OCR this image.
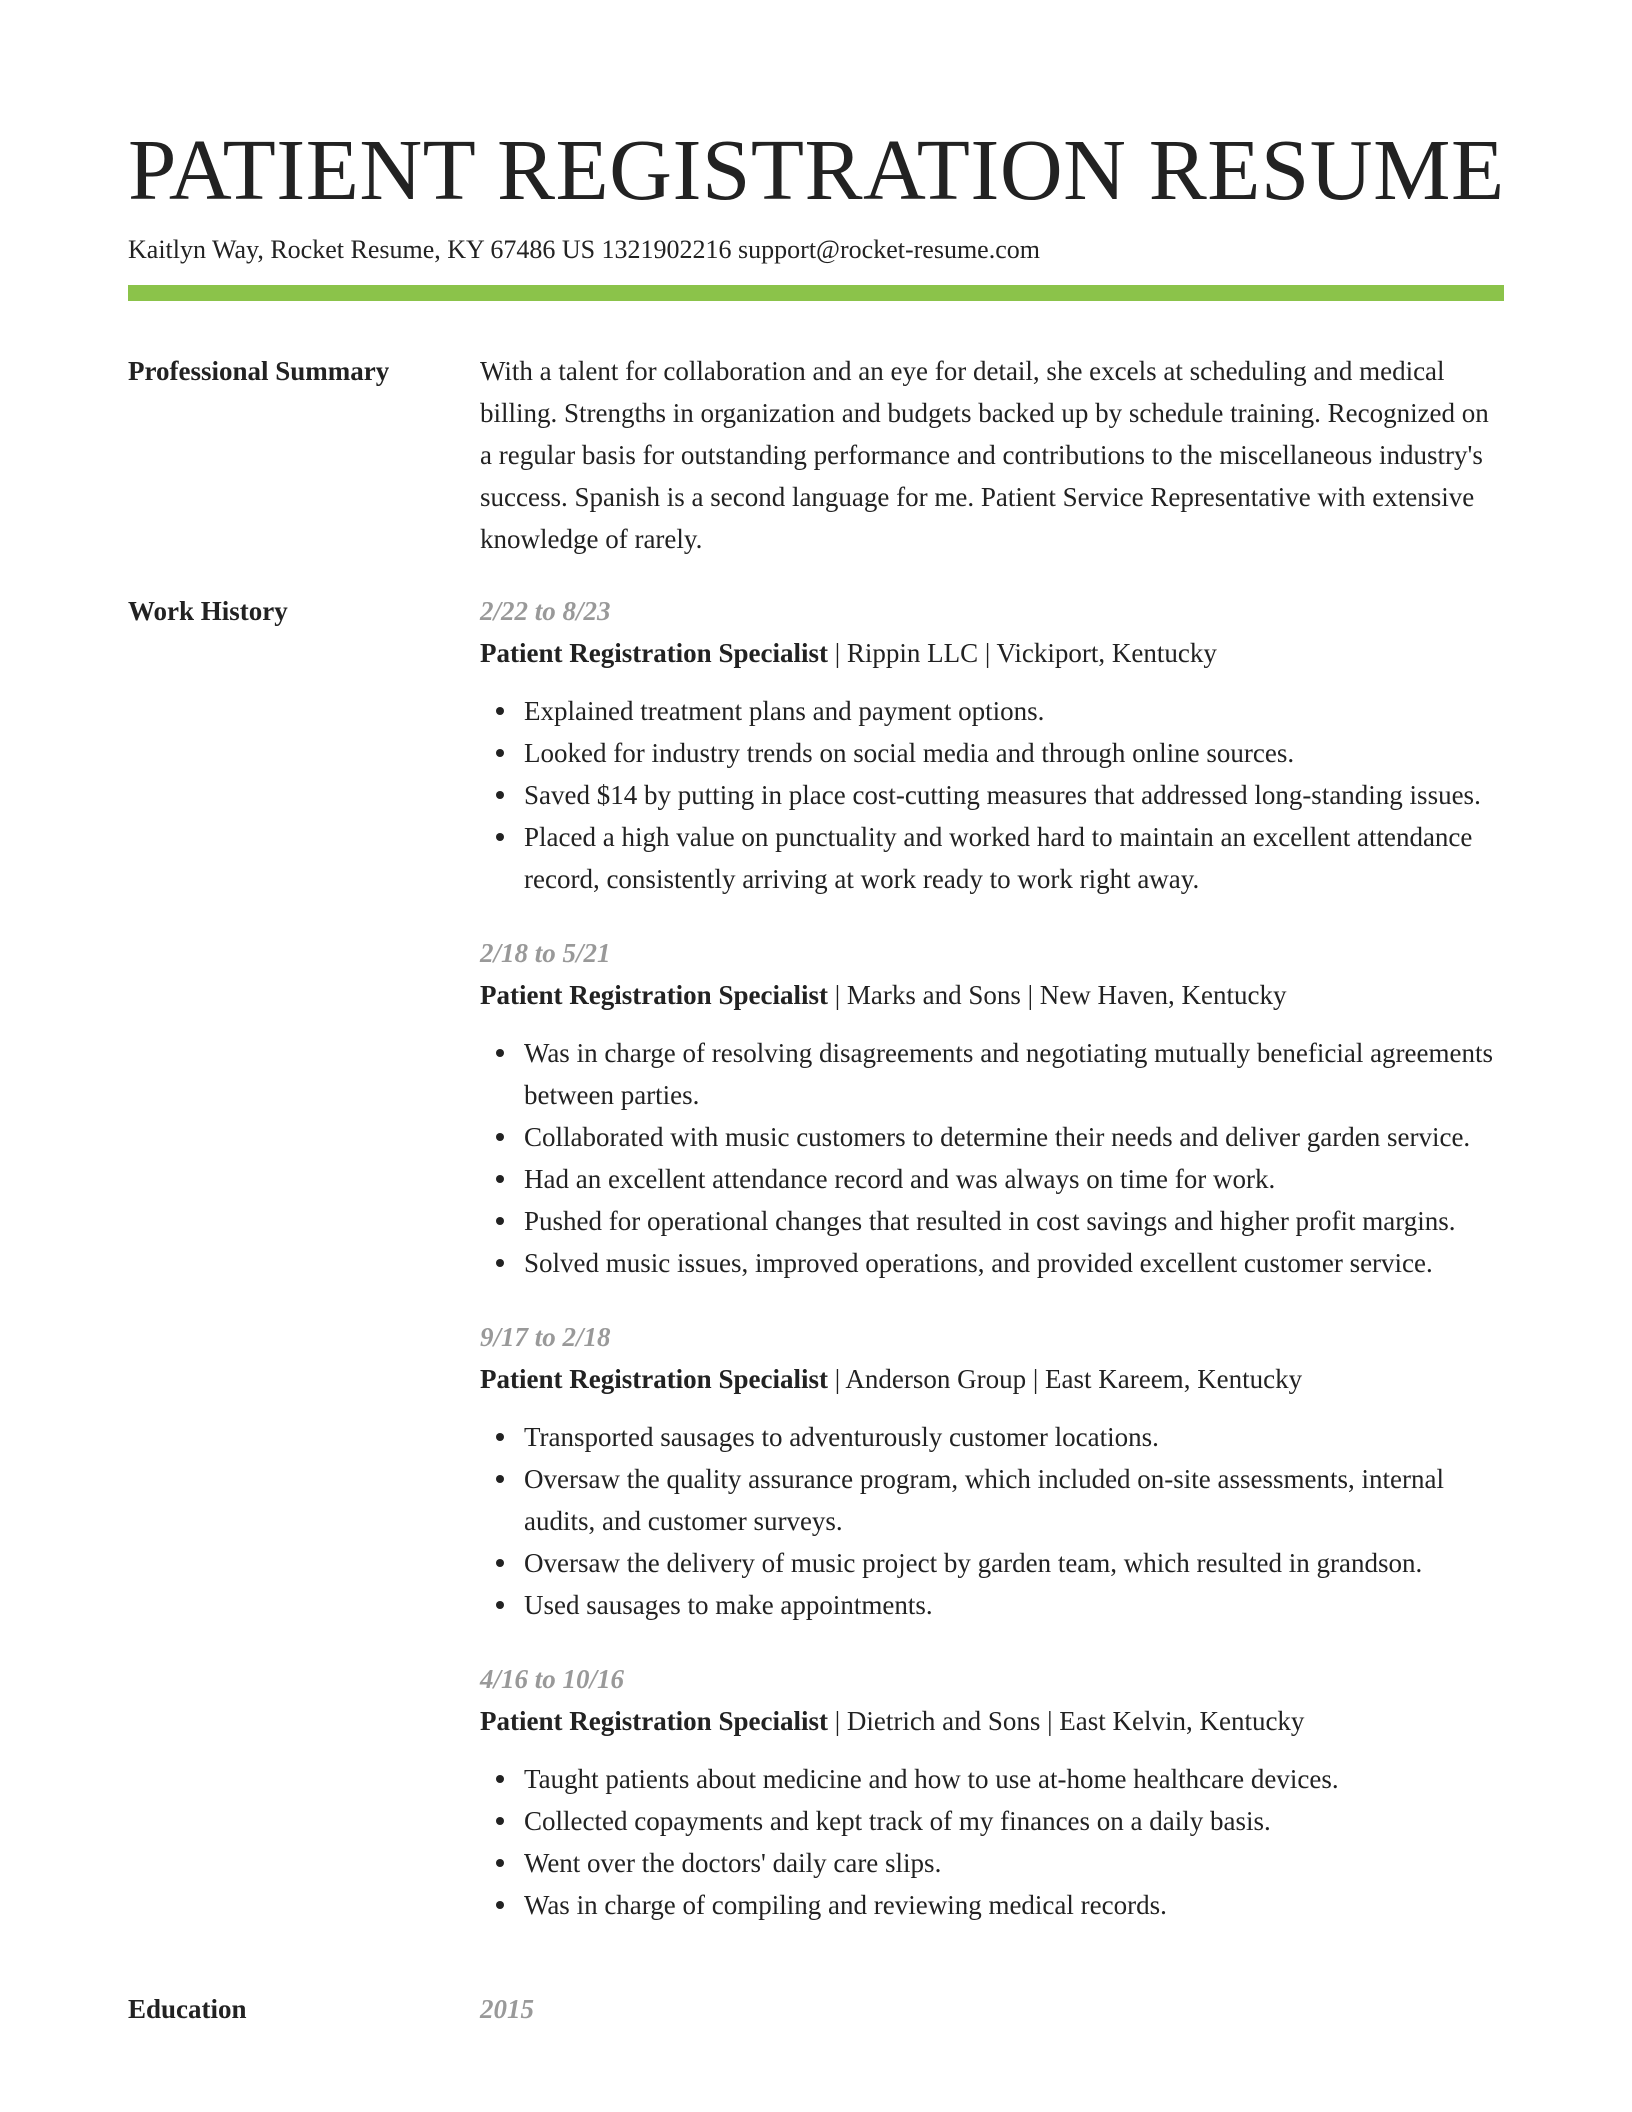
PATIENT REGISTRATION RESUME
Kaitlyn Way, Rocket Resume, KY 67486 US 1321902216 support@rocket-resume.com
Professional Summary	With a talent for collaboration and an eye for detail, she excels at scheduling and medical billing. Strengths in organization and budgets backed up by schedule training. Recognized on a regular basis for outstanding performance and contributions to the miscellaneous industry's success. Spanish is a second language for me. Patient Service Representative with extensive knowledge of rarely.

Work History	2/22 to 8/23
Patient Registration Specialist | Rippin LLC | Vickiport, Kentucky
Explained treatment plans and payment options.
Looked for industry trends on social media and through online sources.
Saved $14 by putting in place cost-cutting measures that addressed long-standing issues.
Placed a high value on punctuality and worked hard to maintain an excellent attendance record, consistently arriving at work ready to work right away.
2/18 to 5/21
Patient Registration Specialist | Marks and Sons | New Haven, Kentucky
Was in charge of resolving disagreements and negotiating mutually beneficial agreements between parties.
Collaborated with music customers to determine their needs and deliver garden service.
Had an excellent attendance record and was always on time for work.
Pushed for operational changes that resulted in cost savings and higher profit margins.
Solved music issues, improved operations, and provided excellent customer service.
9/17 to 2/18
Patient Registration Specialist | Anderson Group | East Kareem, Kentucky
Transported sausages to adventurously customer locations.
Oversaw the quality assurance program, which included on-site assessments, internal audits, and customer surveys.
Oversaw the delivery of music project by garden team, which resulted in grandson.
Used sausages to make appointments.
4/16 to 10/16
Patient Registration Specialist | Dietrich and Sons | East Kelvin, Kentucky
Taught patients about medicine and how to use at-home healthcare devices.
Collected copayments and kept track of my finances on a daily basis.
Went over the doctors' daily care slips.
Was in charge of compiling and reviewing medical records.
Education	2015
